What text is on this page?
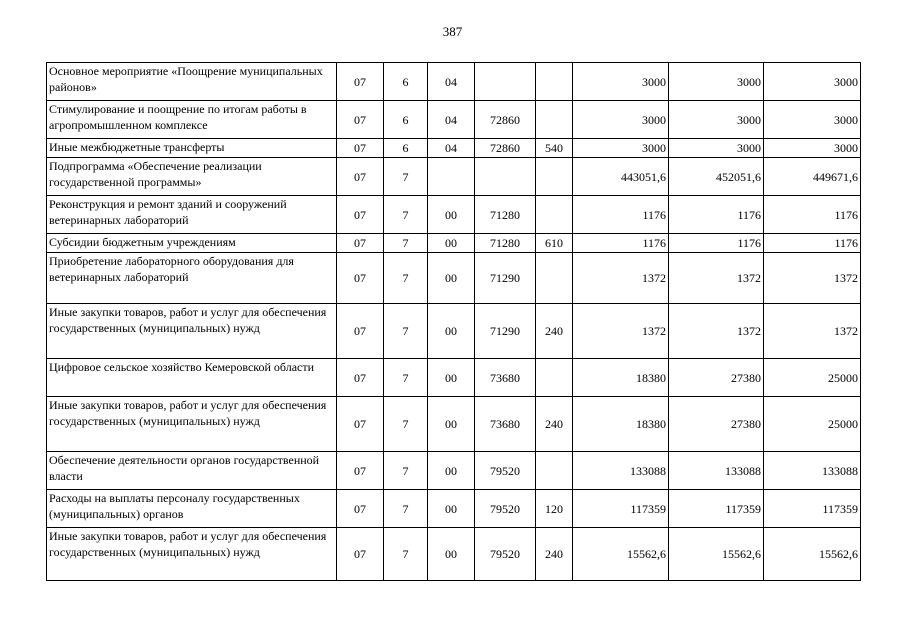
387
Основное мероприятие «Поощрение муниципальных районов»	07	6	04			3000	3000	3000
Стимулирование и поощрение по итогам работы в агропромышленном комплексе	07	6	04	72860		3000	3000	3000
Иные межбюджетные трансферты	07	6	04	72860	540	3000	3000	3000
Подпрограмма «Обеспечение реализации государственной программы»	07	7				443051,6	452051,6	449671,6
Реконструкция и ремонт зданий и сооружений ветеринарных лабораторий	07	7	00	71280		1176	1176	1176
Субсидии бюджетным учреждениям	07	7	00	71280	610	1176	1176	1176
Приобретение лабораторного оборудования для ветеринарных лабораторий	07	7	00	71290		1372	1372	1372
Иные закупки товаров, работ и услуг для обеспечения государственных (муниципальных) нужд	07	7	00	71290	240	1372	1372	1372
Цифровое сельское хозяйство Кемеровской области	07	7	00	73680		18380	27380	25000
Иные закупки товаров, работ и услуг для обеспечения государственных (муниципальных) нужд	07	7	00	73680	240	18380	27380	25000
Обеспечение деятельности органов государственной власти	07	7	00	79520		133088	133088	133088
Расходы на выплаты персоналу государственных (муниципальных) органов	07	7	00	79520	120	117359	117359	117359
Иные закупки товаров, работ и услуг для обеспечения государственных (муниципальных) нужд	07	7	00	79520	240	15562,6	15562,6	15562,6
